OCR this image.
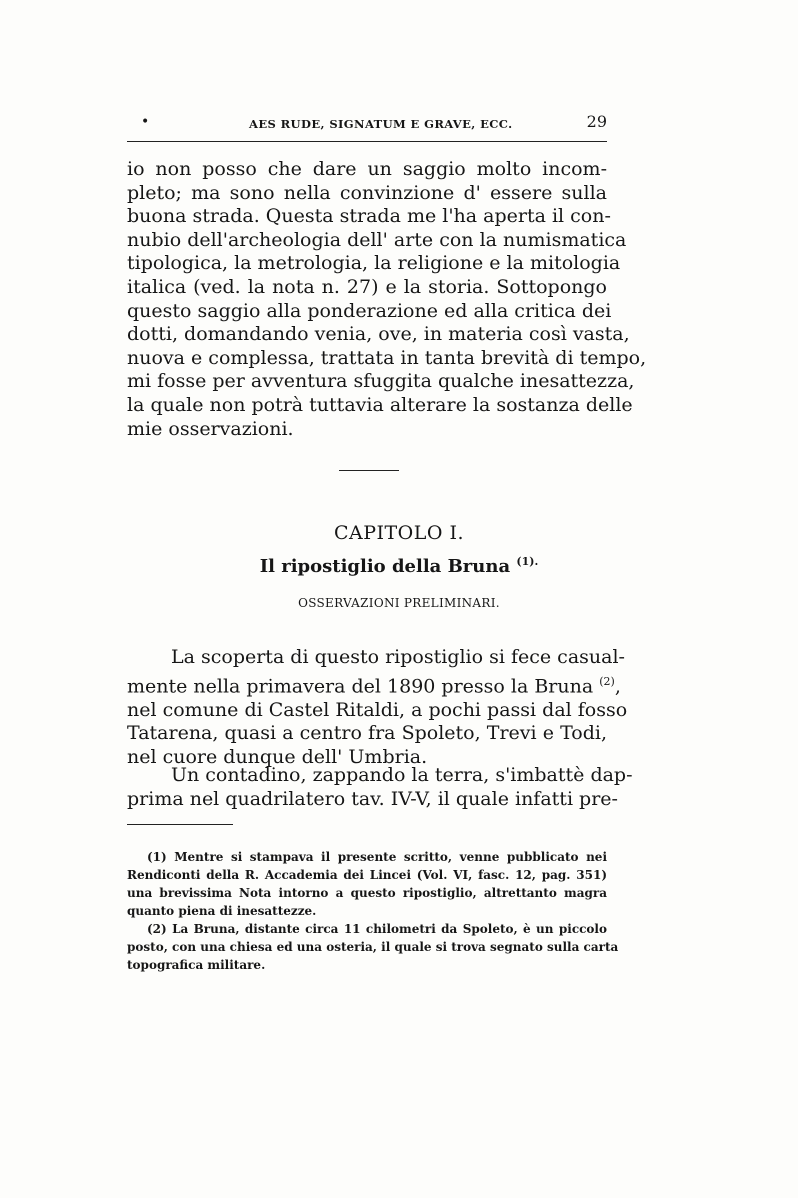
•	AES RUDE, SIGNATUM E GRAVE, ECC.	29
io non posso che dare un saggio molto incom-
pleto; ma sono nella convinzione d' essere sulla
buona strada. Questa strada me l'ha aperta il con-
nubio dell'archeologia dell' arte con la numismatica
tipologica, la metrologia, la religione e la mitologia
italica (ved. la nota n. 27) e la storia. Sottopongo
questo saggio alla ponderazione ed alla critica dei
dotti, domandando venia, ove, in materia così vasta,
nuova e complessa, trattata in tanta brevità di tempo,
mi fosse per avventura sfuggita qualche inesattezza,
la quale non potrà tuttavia alterare la sostanza delle
mie osservazioni.
CAPITOLO I.
Il ripostiglio della Bruna $^{(1).}$
OSSERVAZIONI PRELIMINARI.
La scoperta di questo ripostiglio si fece casual-
mente nella primavera del 1890 presso la Bruna $^{(2)}$,
nel comune di Castel Ritaldi, a pochi passi dal fosso
Tatarena, quasi a centro fra Spoleto, Trevi e Todi,
nel cuore dunque dell' Umbria.
Un contadino, zappando la terra, s'imbattè dap-
prima nel quadrilatero tav. IV-V, il quale infatti pre-
(1) Mentre si stampava il presente scritto, venne pubblicato nei
Rendiconti della R. Accademia dei Lincei (Vol. VI, fasc. 12, pag. 351)
una brevissima Nota intorno a questo ripostiglio, altrettanto magra
quanto piena di inesattezze.
(2) La Bruna, distante circa 11 chilometri da Spoleto, è un piccolo
posto, con una chiesa ed una osteria, il quale si trova segnato sulla carta
topografica militare.
